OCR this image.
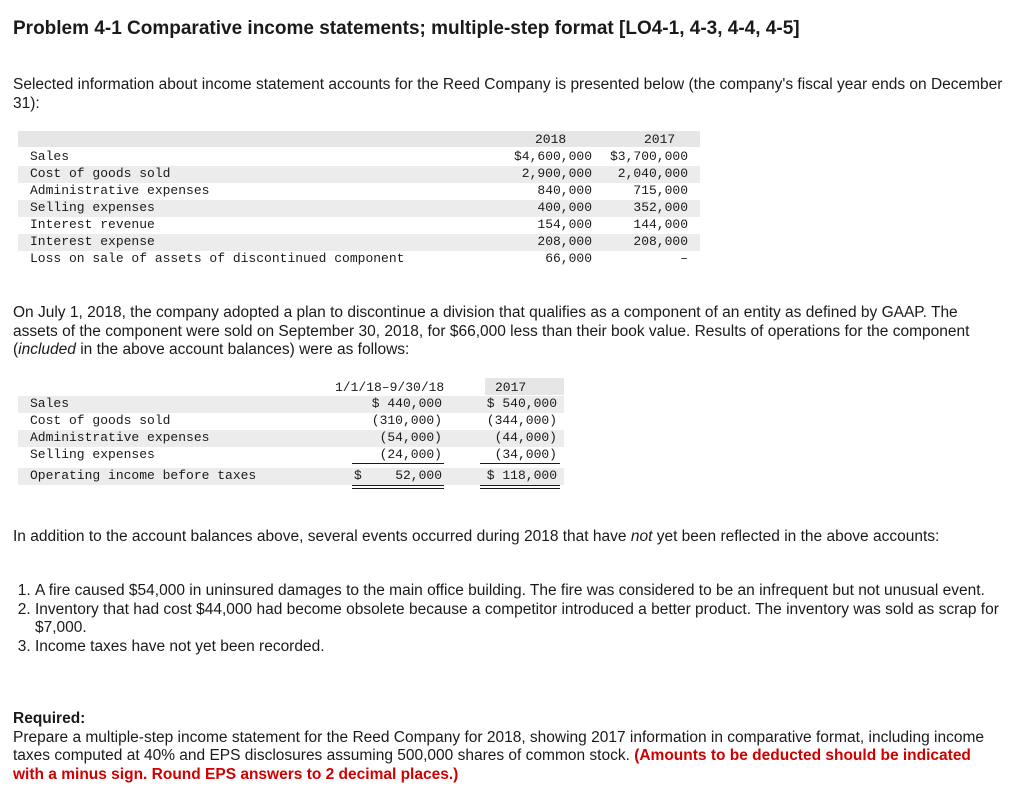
Problem 4-1 Comparative income statements; multiple-step format [LO4-1, 4-3, 4-4, 4-5]
Selected information about income statement accounts for the Reed Company is presented below (the company's fiscal year ends on December 31):
2018	2017
Sales	$4,600,000 $3,700,000
Cost of goods sold	2,900,000 2,040,000
Administrative expenses	840,000	715,000
Selling expenses	400,000	352,000
Interest revenue	154,000	144,000
Interest expense	208,000	208,000
Loss on sale of assets of discontinued component	66,000	–
On July 1, 2018, the company adopted a plan to discontinue a division that qualifies as a component of an entity as defined by GAAP. The assets of the component were sold on September 30, 2018, for $66,000 less than their book value. Results of operations for the component (included in the above account balances) were as follows:
1/1/18–9/30/18	2017
Sales	$ 440,000	$ 540,000
Cost of goods sold	(310,000)	(344,000)
Administrative expenses	(54,000)	(44,000)
Selling expenses	(24,000)	(34,000)
Operating income before taxes	$	52,000	$ 118,000
In addition to the account balances above, several events occurred during 2018 that have not yet been reflected in the above accounts:
1. A fire caused $54,000 in uninsured damages to the main office building. The fire was considered to be an infrequent but not unusual event.
2. Inventory that had cost $44,000 had become obsolete because a competitor introduced a better product. The inventory was sold as scrap for $7,000.
3. Income taxes have not yet been recorded.
Required:
Prepare a multiple-step income statement for the Reed Company for 2018, showing 2017 information in comparative format, including income taxes computed at 40% and EPS disclosures assuming 500,000 shares of common stock. (Amounts to be deducted should be indicated with a minus sign. Round EPS answers to 2 decimal places.)
